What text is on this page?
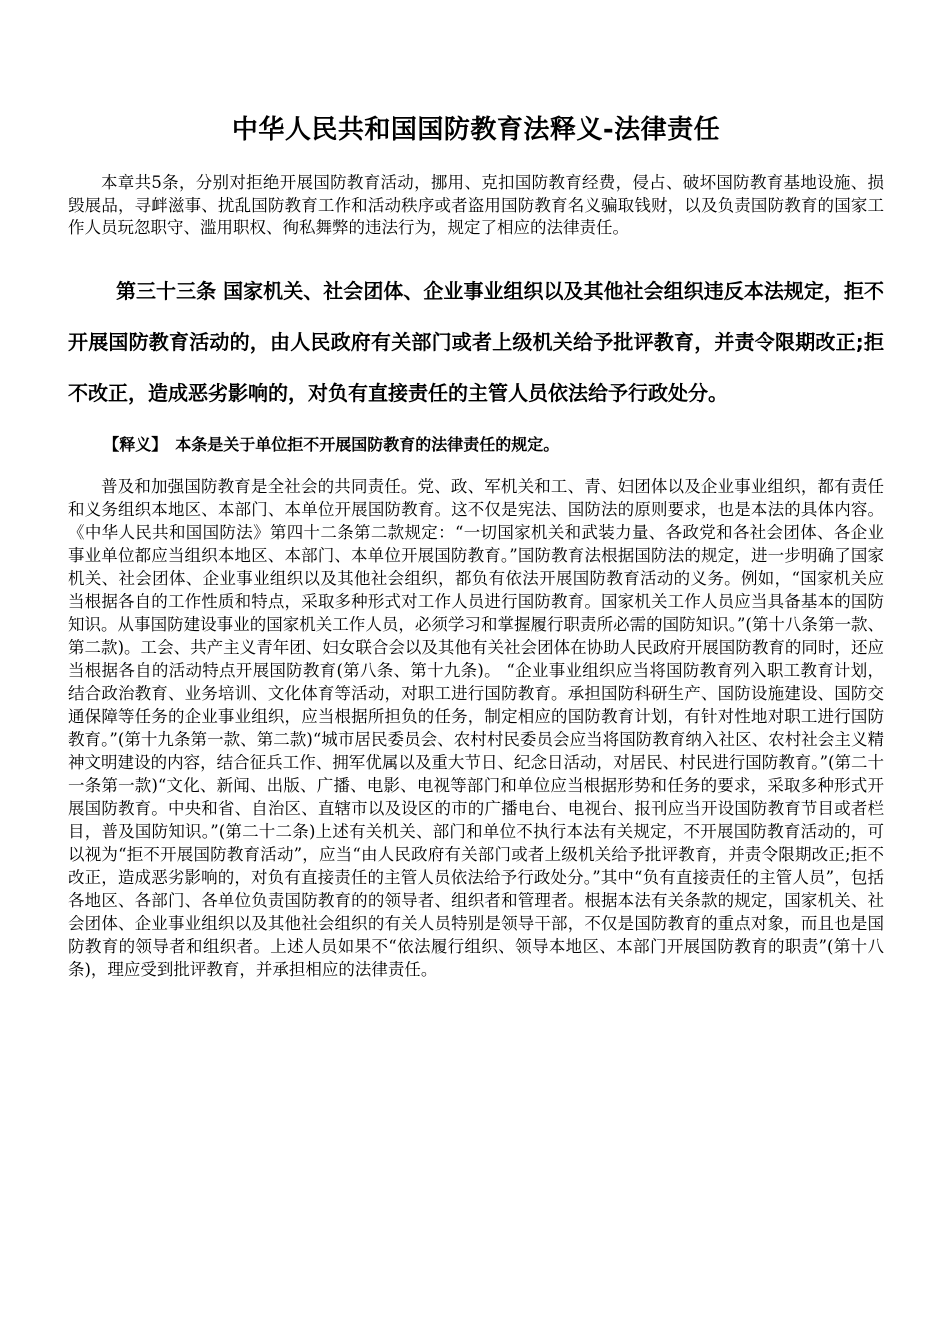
中华人民共和国国防教育法释义-法律责任

本章共5条，分别对拒绝开展国防教育活动，挪用、克扣国防教育经费，侵占、破坏国防教育基地设施、损毁展品，寻衅滋事、扰乱国防教育工作和活动秩序或者盗用国防教育名义骗取钱财，以及负责国防教育的国家工作人员玩忽职守、滥用职权、徇私舞弊的违法行为，规定了相应的法律责任。

第三十三条 国家机关、社会团体、企业事业组织以及其他社会组织违反本法规定，拒不开展国防教育活动的，由人民政府有关部门或者上级机关给予批评教育，并责令限期改正;拒不改正，造成恶劣影响的，对负有直接责任的主管人员依法给予行政处分。

【释义】 本条是关于单位拒不开展国防教育的法律责任的规定。

普及和加强国防教育是全社会的共同责任。党、政、军机关和工、青、妇团体以及企业事业组织，都有责任和义务组织本地区、本部门、本单位开展国防教育。这不仅是宪法、国防法的原则要求，也是本法的具体内容。《中华人民共和国国防法》第四十二条第二款规定：“一切国家机关和武装力量、各政党和各社会团体、各企业事业单位都应当组织本地区、本部门、本单位开展国防教育。”国防教育法根据国防法的规定，进一步明确了国家机关、社会团体、企业事业组织以及其他社会组织，都负有依法开展国防教育活动的义务。例如，“国家机关应当根据各自的工作性质和特点，采取多种形式对工作人员进行国防教育。国家机关工作人员应当具备基本的国防知识。从事国防建设事业的国家机关工作人员，必须学习和掌握履行职责所必需的国防知识。”(第十八条第一款、第二款)。工会、共产主义青年团、妇女联合会以及其他有关社会团体在协助人民政府开展国防教育的同时，还应当根据各自的活动特点开展国防教育(第八条、第十九条)。 “企业事业组织应当将国防教育列入职工教育计划，结合政治教育、业务培训、文化体育等活动，对职工进行国防教育。承担国防科研生产、国防设施建设、国防交通保障等任务的企业事业组织，应当根据所担负的任务，制定相应的国防教育计划，有针对性地对职工进行国防教育。”(第十九条第一款、第二款)“城市居民委员会、农村村民委员会应当将国防教育纳入社区、农村社会主义精神文明建设的内容，结合征兵工作、拥军优属以及重大节日、纪念日活动，对居民、村民进行国防教育。”(第二十一条第一款)“文化、新闻、出版、广播、电影、电视等部门和单位应当根据形势和任务的要求，采取多种形式开展国防教育。中央和省、自治区、直辖市以及设区的市的广播电台、电视台、报刊应当开设国防教育节目或者栏目，普及国防知识。”(第二十二条)上述有关机关、部门和单位不执行本法有关规定，不开展国防教育活动的，可以视为“拒不开展国防教育活动”，应当“由人民政府有关部门或者上级机关给予批评教育，并责令限期改正;拒不改正，造成恶劣影响的，对负有直接责任的主管人员依法给予行政处分。”其中“负有直接责任的主管人员”，包括各地区、各部门、各单位负责国防教育的的领导者、组织者和管理者。根据本法有关条款的规定，国家机关、社会团体、企业事业组织以及其他社会组织的有关人员特别是领导干部，不仅是国防教育的重点对象，而且也是国防教育的领导者和组织者。上述人员如果不“依法履行组织、领导本地区、本部门开展国防教育的职责”(第十八条)，理应受到批评教育，并承担相应的法律责任。
